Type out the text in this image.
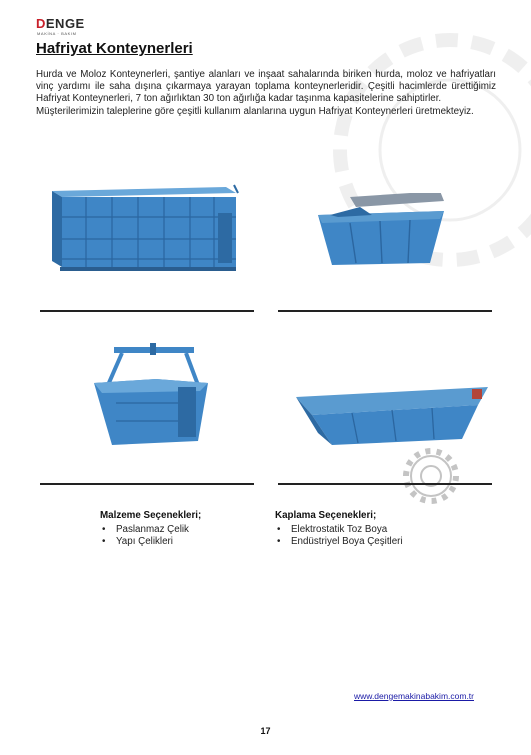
DENGE
MAKİNA · BAKIM
Hafriyat Konteynerleri

Hurda ve Moloz Konteynerleri, şantiye alanları ve inşaat sahalarında biriken hurda, moloz ve hafriyatları vinç yardımı ile saha dışına çıkarmaya yarayan toplama konteynerleridir. Çeşitli hacimlerde ürettiğimiz Hafriyat Konteynerleri, 7 ton ağırlıktan 30 ton ağırlığa kadar taşınma kapasitelerine sahiptirler.

Müşterilerimizin taleplerine göre çeşitli kullanım alanlarına uygun Hafriyat Konteynerleri üretmekteyiz.

Malzeme Seçenekleri;
• Paslanmaz Çelik
• Yapı Çelikleri
Kaplama Seçenekleri;
• Elektrostatik Toz Boya
• Endüstriyel Boya Çeşitleri
www.dengemakinabakim.com.tr
17
